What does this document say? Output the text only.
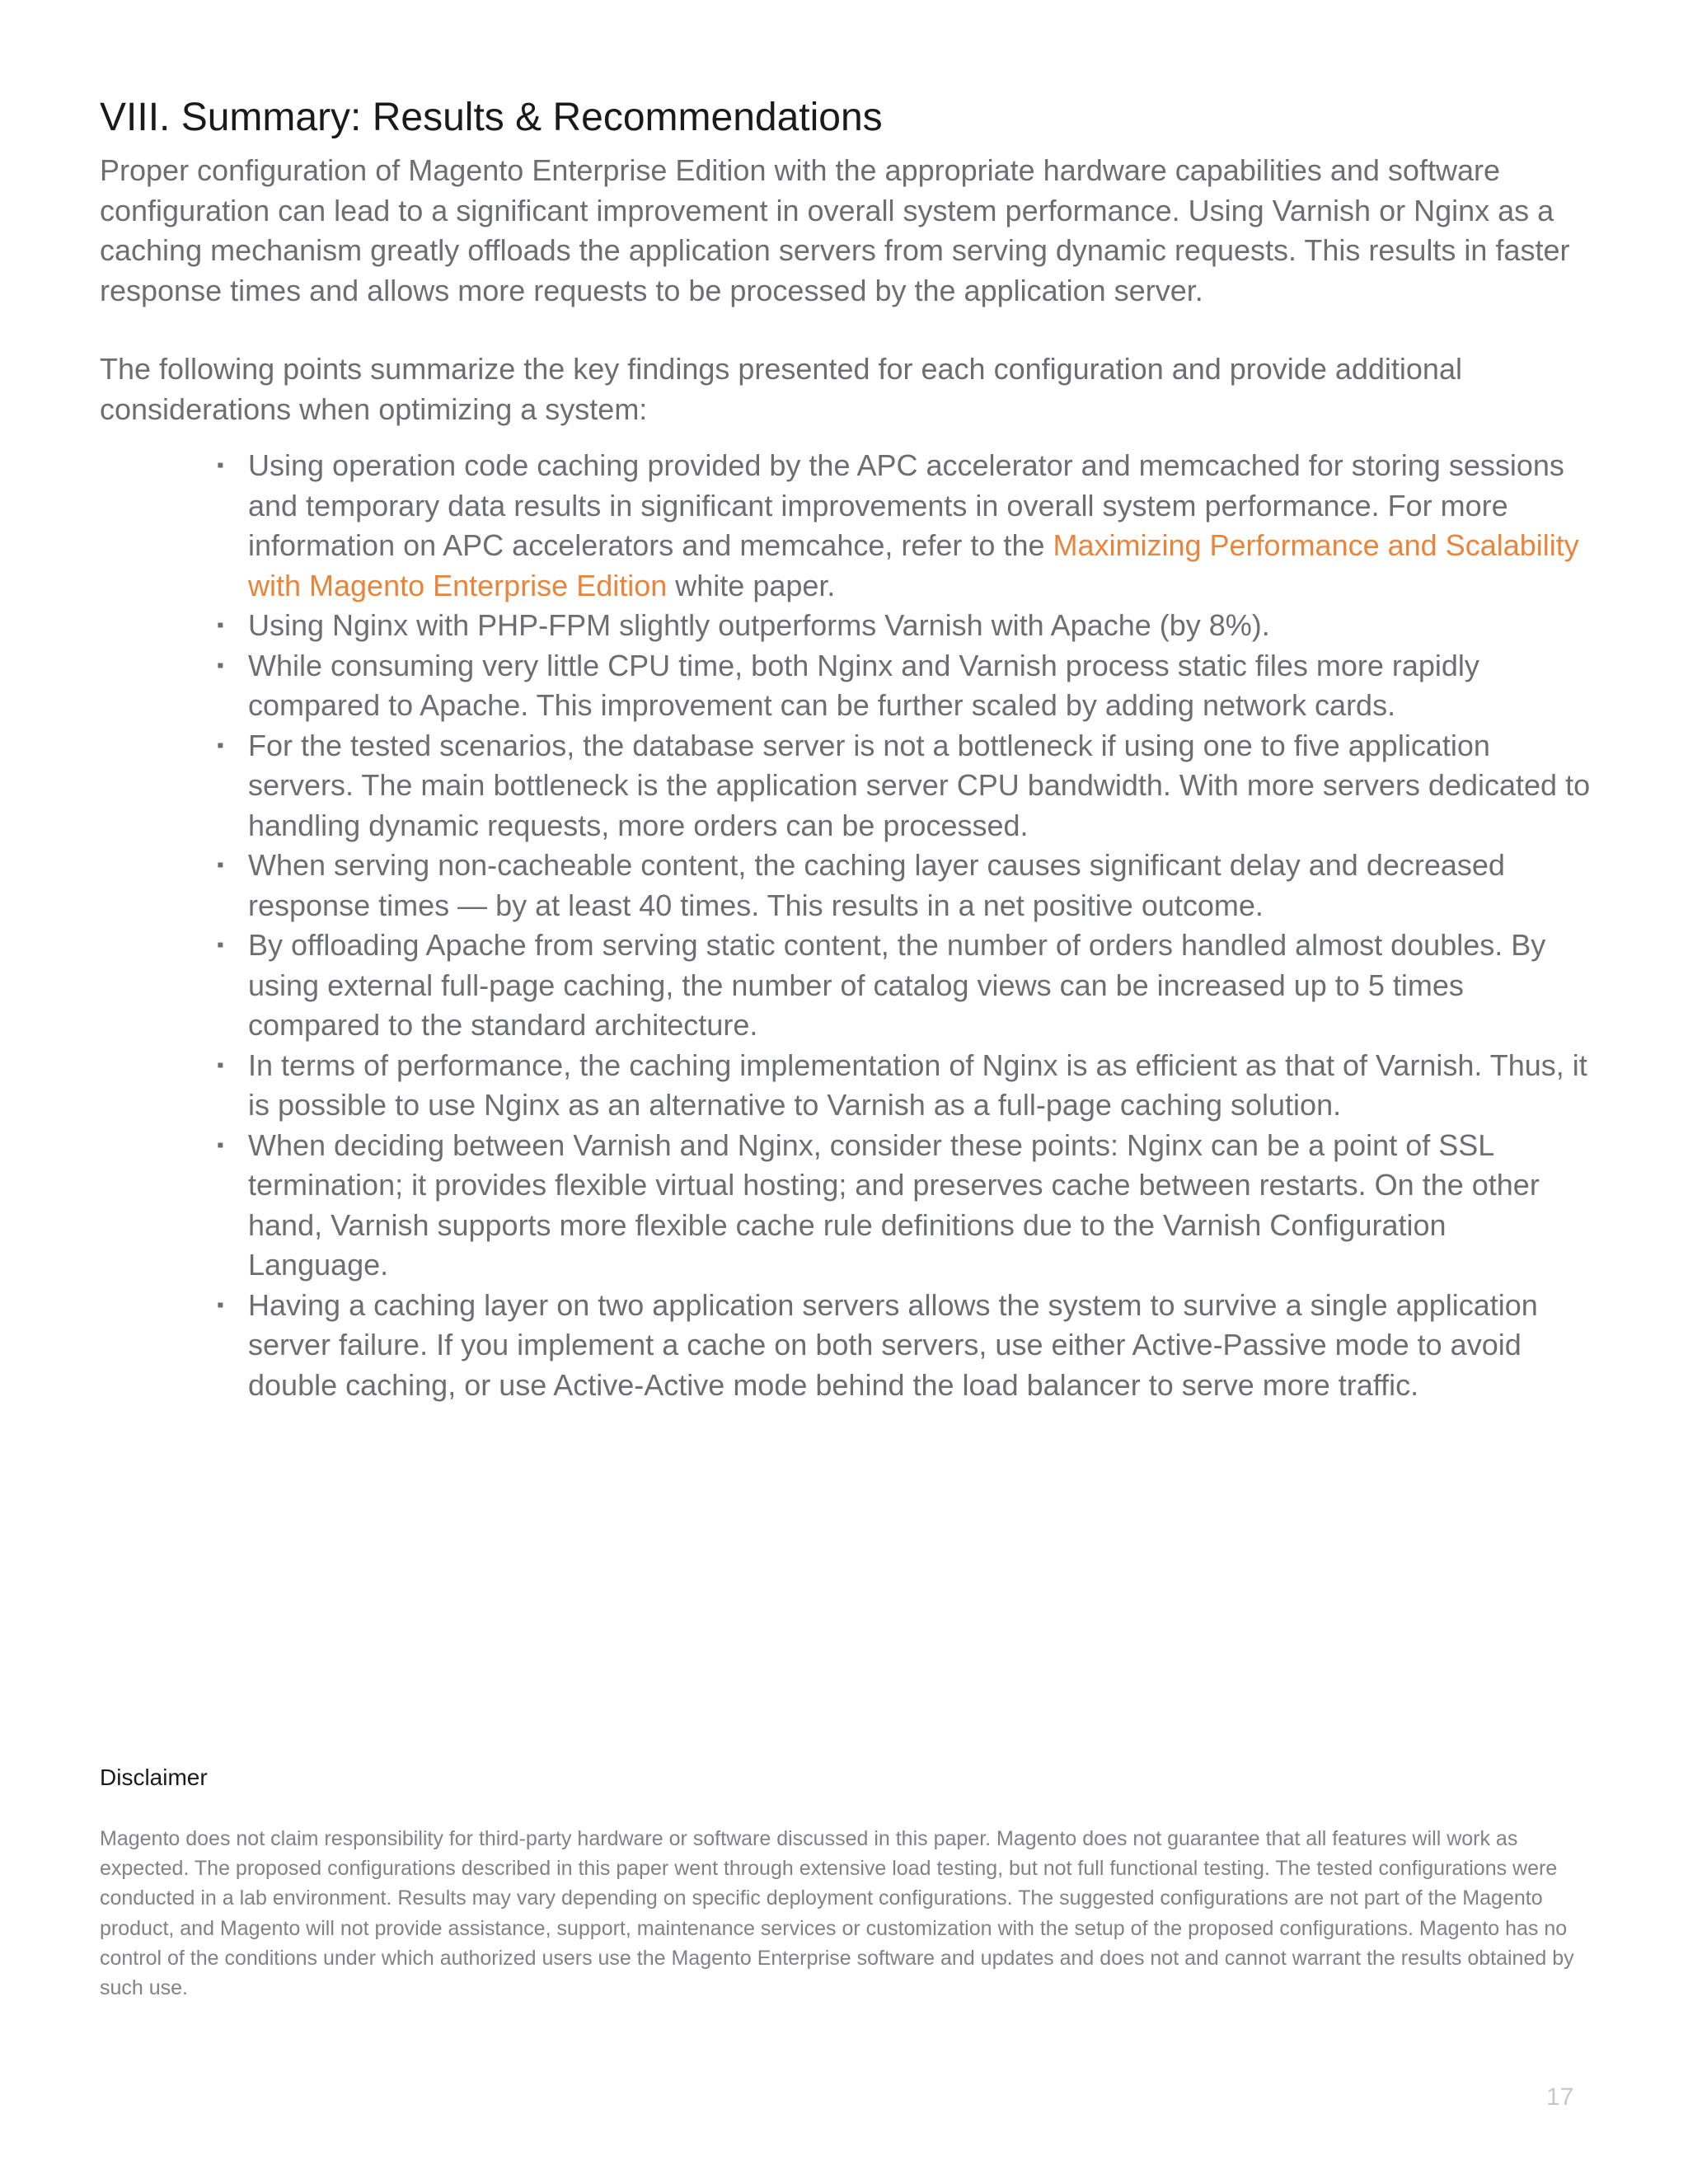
VIII. Summary: Results & Recommendations

Proper configuration of Magento Enterprise Edition with the appropriate hardware capabilities and software configuration can lead to a significant improvement in overall system performance. Using Varnish or Nginx as a caching mechanism greatly offloads the application servers from serving dynamic requests. This results in faster response times and allows more requests to be processed by the application server.

The following points summarize the key findings presented for each configuration and provide additional considerations when optimizing a system:

▪ Using operation code caching provided by the APC accelerator and memcached for storing sessions and temporary data results in significant improvements in overall system performance. For more information on APC accelerators and memcahce, refer to the Maximizing Performance and Scalability with Magento Enterprise Edition white paper.
▪ Using Nginx with PHP-FPM slightly outperforms Varnish with Apache (by 8%).
▪ While consuming very little CPU time, both Nginx and Varnish process static files more rapidly compared to Apache. This improvement can be further scaled by adding network cards.
▪ For the tested scenarios, the database server is not a bottleneck if using one to five application servers. The main bottleneck is the application server CPU bandwidth. With more servers dedicated to handling dynamic requests, more orders can be processed.
▪ When serving non-cacheable content, the caching layer causes significant delay and decreased response times — by at least 40 times. This results in a net positive outcome.
▪ By offloading Apache from serving static content, the number of orders handled almost doubles. By using external full-page caching, the number of catalog views can be increased up to 5 times compared to the standard architecture.
▪ In terms of performance, the caching implementation of Nginx is as efficient as that of Varnish. Thus, it is possible to use Nginx as an alternative to Varnish as a full-page caching solution.
▪ When deciding between Varnish and Nginx, consider these points: Nginx can be a point of SSL termination; it provides flexible virtual hosting; and preserves cache between restarts. On the other hand, Varnish supports more flexible cache rule definitions due to the Varnish Configuration Language.
▪ Having a caching layer on two application servers allows the system to survive a single application server failure. If you implement a cache on both servers, use either Active-Passive mode to avoid double caching, or use Active-Active mode behind the load balancer to serve more traffic.
Disclaimer

Magento does not claim responsibility for third-party hardware or software discussed in this paper. Magento does not guarantee that all features will work as expected. The proposed configurations described in this paper went through extensive load testing, but not full functional testing. The tested configurations were conducted in a lab environment. Results may vary depending on specific deployment configurations. The suggested configurations are not part of the Magento product, and Magento will not provide assistance, support, maintenance services or customization with the setup of the proposed configurations. Magento has no control of the conditions under which authorized users use the Magento Enterprise software and updates and does not and cannot warrant the results obtained by such use.

17
